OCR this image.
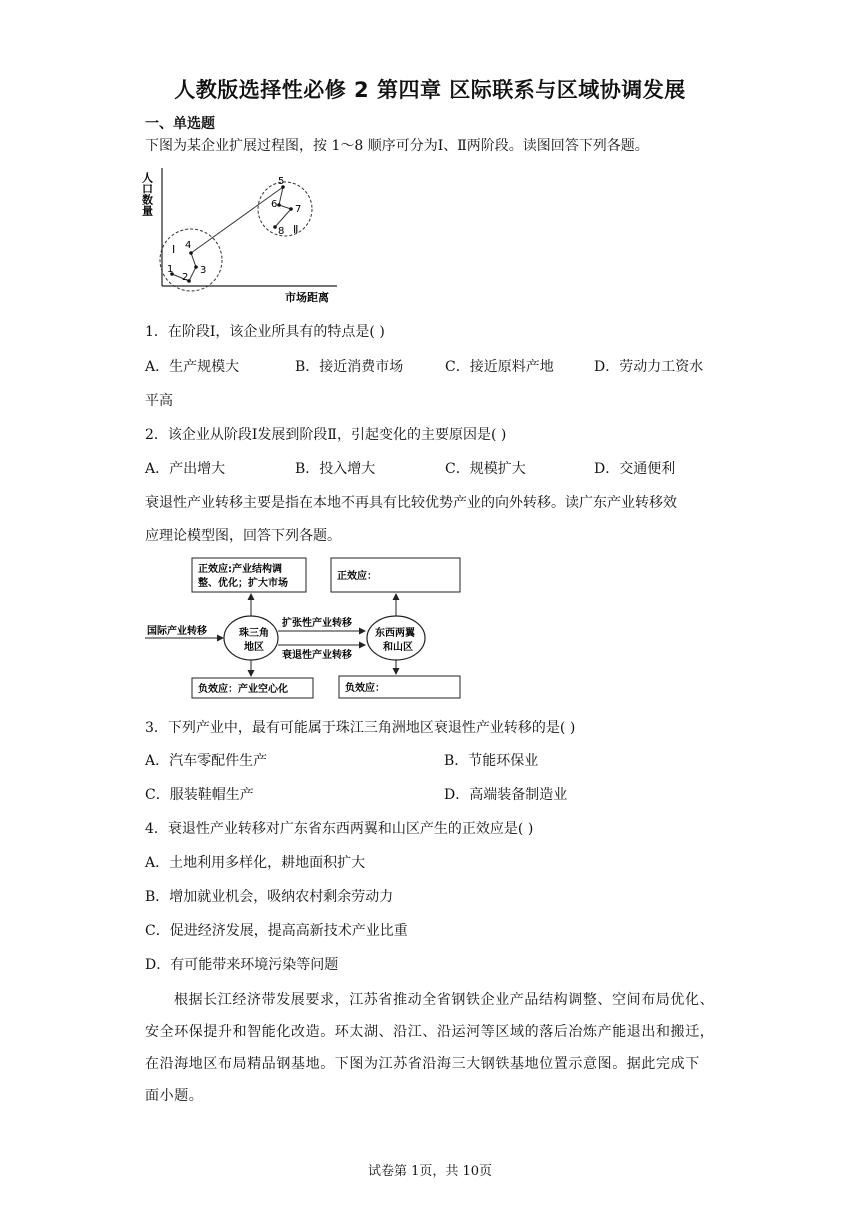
人教版选择性必修 2 第四章 区际联系与区域协调发展
一、单选题
下图为某企业扩展过程图，按 1～8 顺序可分为Ⅰ、Ⅱ两阶段。读图回答下列各题。
人口数量
市场距离
1
2
3
4
5
6 7
8
Ⅰ
Ⅱ
1．在阶段Ⅰ，该企业所具有的特点是( )
A．生产规模大	B．接近消费市场	C．接近原料产地	D．劳动力工资水
平高
2．该企业从阶段Ⅰ发展到阶段Ⅱ，引起变化的主要原因是( )
A．产出增大	B．投入增大	C．规模扩大	D．交通便利
衰退性产业转移主要是指在本地不再具有比较优势产业的向外转移。读广东产业转移效
应理论模型图，回答下列各题。
正效应:产业结构调
整、优化；扩大市场
正效应：
负效应：产业空心化	负效应：
珠三角
地区
东西两翼
和山区
国际产业转移
扩张性产业转移
衰退性产业转移
3．下列产业中，最有可能属于珠江三角洲地区衰退性产业转移的是( )
A．汽车零配件生产	B．节能环保业
C．服装鞋帽生产	D．高端装备制造业
4．衰退性产业转移对广东省东西两翼和山区产生的正效应是( )
A．土地利用多样化，耕地面积扩大
B．增加就业机会，吸纳农村剩余劳动力
C．促进经济发展，提高高新技术产业比重
D．有可能带来环境污染等问题
根据长江经济带发展要求，江苏省推动全省钢铁企业产品结构调整、空间布局优化、
安全环保提升和智能化改造。环太湖、沿江、沿运河等区域的落后冶炼产能退出和搬迁，
在沿海地区布局精品钢基地。下图为江苏省沿海三大钢铁基地位置示意图。据此完成下
面小题。
试卷第 1页，共 10页
